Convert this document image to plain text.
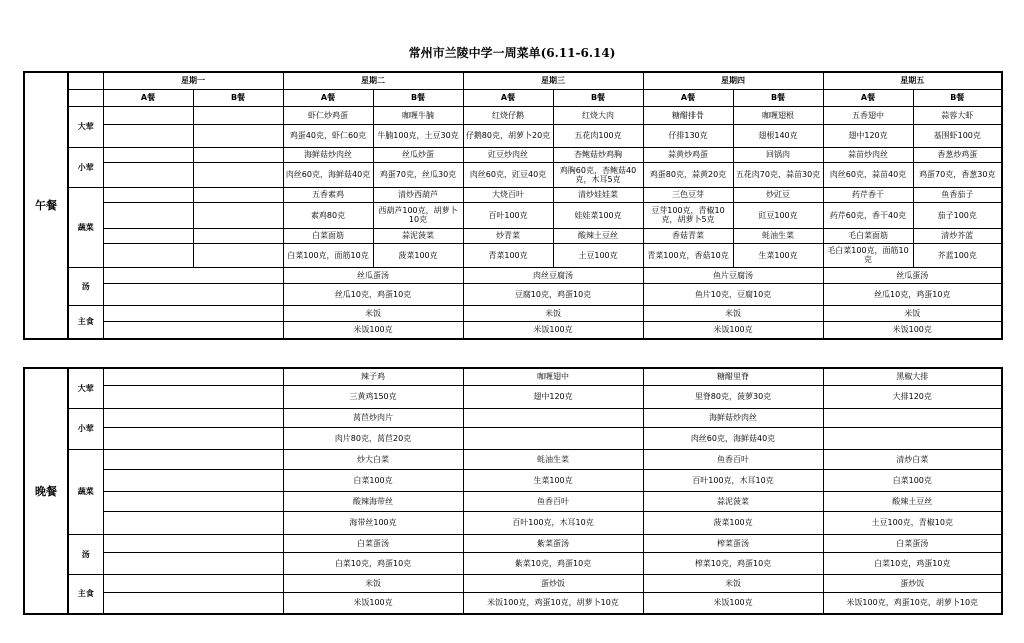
常州市兰陵中学一周菜单(6.11-6.14)
午餐		星期一		星期二		星期三		星期四		星期五	
		A餐	B餐	A餐	B餐	A餐	B餐	A餐	B餐	A餐	B餐
	大荤			虾仁炒鸡蛋	咖喱牛腩	红烧仔鹅	红烧大肉	糖醋排骨	咖喱翅根	五香翅中	蒜蓉大虾
				鸡蛋40克，虾仁60克	牛腩100克，土豆30克	仔鹅80克，胡萝卜20克	五花肉100克	仔排130克	翅根140克	翅中120克	基围虾100克
	小荤			海鲜菇炒肉丝	丝瓜炒蛋	豇豆炒肉丝	杏鲍菇炒鸡胸	蒜黄炒鸡蛋	回锅肉	蒜苗炒肉丝	香葱炒鸡蛋
				肉丝60克，海鲜菇40克	鸡蛋70克，丝瓜30克	肉丝60克，豇豆40克	鸡胸60克，杏鲍菇40克，木耳5克	鸡蛋80克，蒜黄20克	五花肉70克，蒜苗30克	肉丝60克，蒜苗40克	鸡蛋70克，香葱30克
	蔬菜			五香素鸡	清炒西葫芦	大烧百叶	清炒娃娃菜	三色豆芽	炒豇豆	药芹香干	鱼香茄子
				素鸡80克	西葫芦100克，胡萝卜10克	百叶100克	娃娃菜100克	豆芽100克，青椒10克，胡萝卜5克	豇豆100克	药芹60克，香干40克	茄子100克
				白菜面筋	蒜泥菠菜	炒青菜	酸辣土豆丝	香菇青菜	蚝油生菜	毛白菜面筋	清炒芥蓝
				白菜100克，面筋10克	菠菜100克	青菜100克	土豆100克	青菜100克，香菇10克	生菜100克	毛白菜100克，面筋10克	芥蓝100克
	汤			丝瓜蛋汤		肉丝豆腐汤		鱼片豆腐汤		丝瓜蛋汤	
				丝瓜10克，鸡蛋10克		豆腐10克，鸡蛋10克		鱼片10克，豆腐10克		丝瓜10克，鸡蛋10克	
	主食			米饭		米饭		米饭		米饭	
				米饭100克		米饭100克		米饭100克		米饭100克	
晚餐	大荤		辣子鸡	咖喱翅中	糖醋里脊	黑椒大排
			三黄鸡150克	翅中120克	里脊80克，菠萝30克	大排120克
	小荤		莴苣炒肉片		海鲜菇炒肉丝	
			肉片80克，莴苣20克		肉丝60克，海鲜菇40克	
	蔬菜		炒大白菜	蚝油生菜	鱼香百叶	清炒白菜
			白菜100克	生菜100克	百叶100克，木耳10克	白菜100克
			酸辣海带丝	鱼香百叶	蒜泥菠菜	酸辣土豆丝
			海带丝100克	百叶100克，木耳10克	菠菜100克	土豆100克，青椒10克
	汤		白菜蛋汤	紫菜蛋汤	榨菜蛋汤	白菜蛋汤
			白菜10克，鸡蛋10克	紫菜10克，鸡蛋10克	榨菜10克，鸡蛋10克	白菜10克，鸡蛋10克
	主食		米饭	蛋炒饭	米饭	蛋炒饭
			米饭100克	米饭100克，鸡蛋10克，胡萝卜10克	米饭100克	米饭100克，鸡蛋10克，胡萝卜10克
